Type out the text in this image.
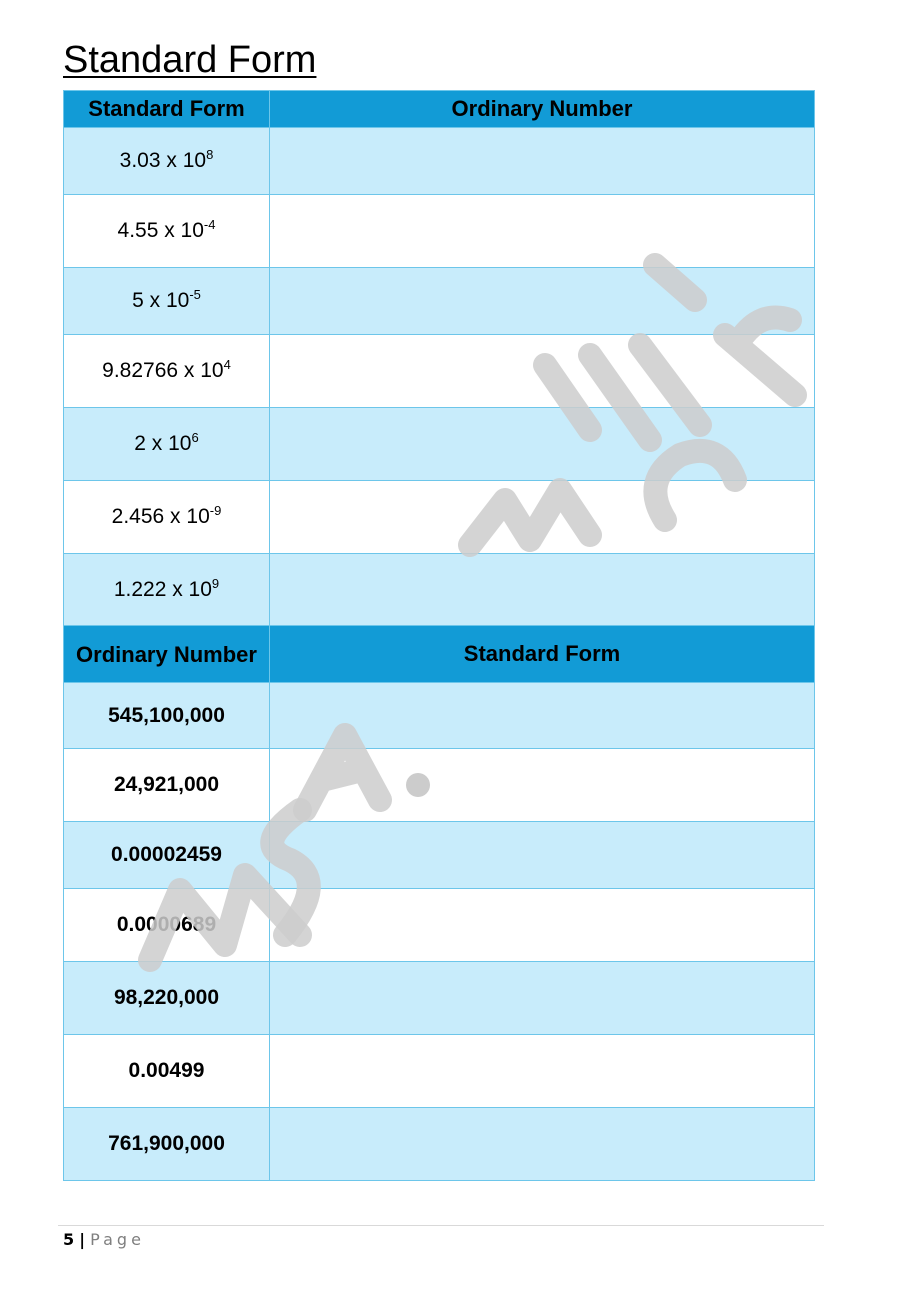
Standard Form
Standard Form	Ordinary Number
3.03 x $10^8$	
4.55 x $10^{-4}$	
5 x $10^{-5}$	
9.82766 x $10^4$	
2 x $10^6$	
2.456 x $10^{-9}$	
1.222 x $10^9$	
Ordinary Number	Standard Form
545,100,000	
24,921,000	
0.00002459	
0.0000689	
98,220,000	
0.00499	
761,900,000	
5 | Page
